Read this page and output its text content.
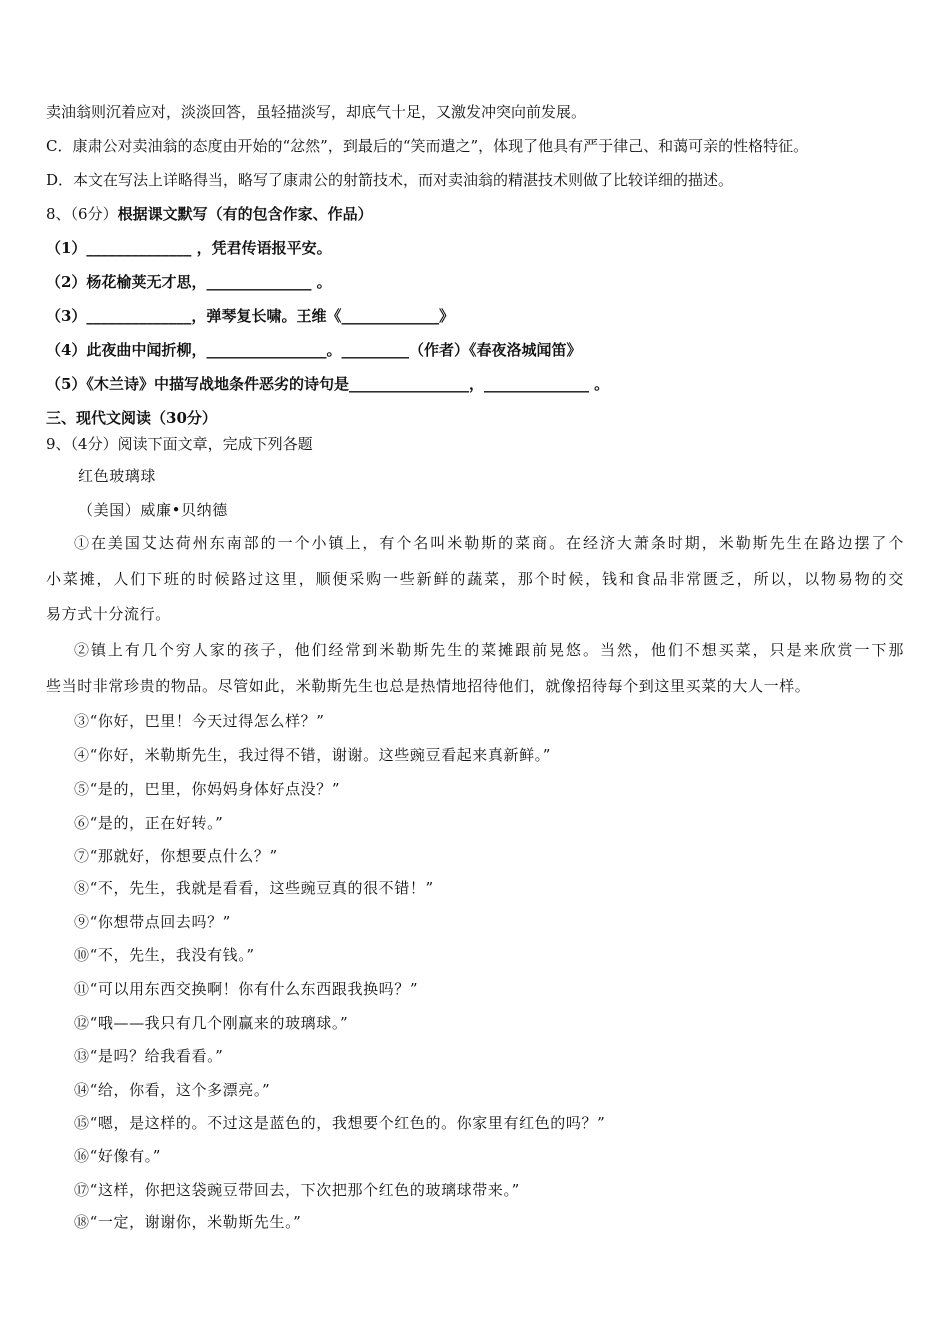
卖油翁则沉着应对，淡淡回答，虽轻描淡写，却底气十足，又激发冲突向前发展。
C．康肃公对卖油翁的态度由开始的“忿然”，到最后的“笑而遣之”，体现了他具有严于律己、和蔼可亲的性格特征。
D．本文在写法上详略得当，略写了康肃公的射箭技术，而对卖油翁的精湛技术则做了比较详细的描述。
8、（6分）根据课文默写（有的包含作家、作品）
（1）______________ ，凭君传语报平安。
（2）杨花榆荚无才思，______________ 。
（3）______________，弹琴复长啸。王维《_____________》
（4）此夜曲中闻折柳，________________。_________（作者）《春夜洛城闻笛》
（5）《木兰诗》中描写战地条件恶劣的诗句是________________，______________ 。
三、现代文阅读（30分）
9、（4分）阅读下面文章，完成下列各题
红色玻璃球
（美国）威廉•贝纳德
①在美国艾达荷州东南部的一个小镇上，有个名叫米勒斯的菜商。在经济大萧条时期，米勒斯先生在路边摆了个
小菜摊，人们下班的时候路过这里，顺便采购一些新鲜的蔬菜，那个时候，钱和食品非常匮乏，所以，以物易物的交
易方式十分流行。
②镇上有几个穷人家的孩子，他们经常到米勒斯先生的菜摊跟前晃悠。当然，他们不想买菜，只是来欣赏一下那
些当时非常珍贵的物品。尽管如此，米勒斯先生也总是热情地招待他们，就像招待每个到这里买菜的大人一样。
③“你好，巴里！今天过得怎么样？”
④“你好，米勒斯先生，我过得不错，谢谢。这些豌豆看起来真新鲜。”
⑤“是的，巴里，你妈妈身体好点没？”
⑥“是的，正在好转。”
⑦“那就好，你想要点什么？”
⑧“不，先生，我就是看看，这些豌豆真的很不错！”
⑨“你想带点回去吗？”
⑩“不，先生，我没有钱。”
⑪“可以用东西交换啊！你有什么东西跟我换吗？”
⑫“哦——我只有几个刚赢来的玻璃球。”
⑬“是吗？给我看看。”
⑭“给，你看，这个多漂亮。”
⑮“嗯，是这样的。不过这是蓝色的，我想要个红色的。你家里有红色的吗？”
⑯“好像有。”
⑰“这样，你把这袋豌豆带回去，下次把那个红色的玻璃球带来。”
⑱“一定，谢谢你，米勒斯先生。”
